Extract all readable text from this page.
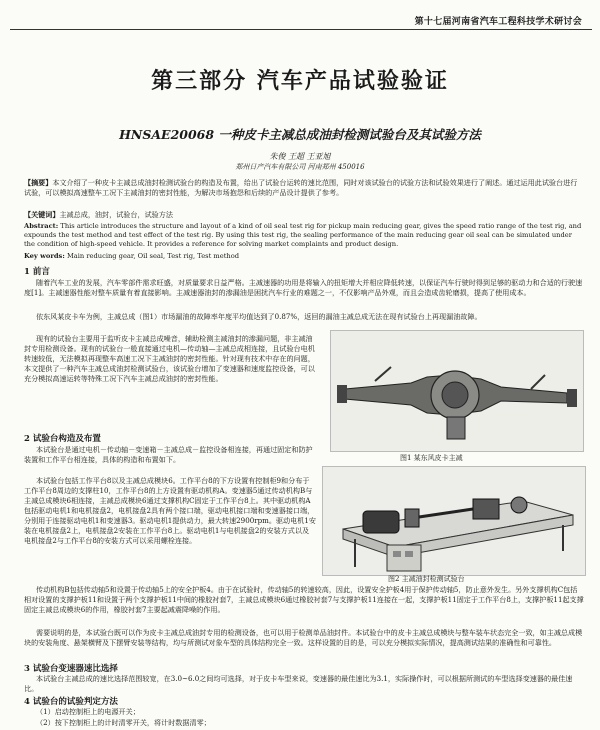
第十七届河南省汽车工程科技学术研讨会
第三部分 汽车产品试验验证
HNSAE20068 一种皮卡主减总成油封检测试验台及其试验方法
朱俊 王超 王亚旭
郑州日产汽车有限公司 河南郑州 450016
【摘要】本文介绍了一种皮卡主减总成油封检测试验台的构造及布置，给出了试验台运转的速比范围，同时对该试验台的试验方法和试验效果进行了阐述。通过运用此试验台进行试验，可以模拟高速整车工况下主减油封的密封性能，为解决市场抱怨和后续的产品设计提供了参考。
【关键词】主减总成，油封，试验台，试验方法
Abstract: This article introduces the structure and layout of a kind of oil seal test rig for pickup main reducing gear, gives the speed ratio range of the test rig, and expounds the test method and test effect of the test rig. By using this test rig, the sealing performance of the main reducing gear oil seal can be simulated under the condition of high-speed vehicle. It provides a reference for solving market complaints and product design.
Key words: Main reducing gear, Oil seal, Test rig, Test method
1 前言

随着汽车工业的发展，汽车零部件需求旺盛，对质量要求日益严格。主减速器的功用是将输入的扭矩增大并相应降低转速，以保证汽车行驶时得到足够的驱动力和合适的行驶速度[1]。主减速器性能对整车质量有着直接影响。主减速器油封的渗漏油是困扰汽车行业的难题之一，不仅影响产品外观，而且会造成齿轮磨损，提高了使用成本。

依东风某皮卡车为例，主减总成（图1）市场漏油的故障率年度平均值达到了0.87%，返回的漏油主减总成无法在现有试验台上再现漏油故障。

现有的试验台主要用于监听皮卡主减总成噪音，辅助检测主减油封的渗漏问题，非主减油封专用检测设备。现有的试验台一般直接通过电机—传动轴—主减总成相连接，且试验台电机转速较低，无法模拟再现整车高速工况下主减油封的密封性能。针对现有技术中存在的问题，本文提供了一种汽车主减总成油封检测试验台，该试验台增加了变速器和速度监控设备，可以充分模拟高速运转等特殊工况下汽车主减总成油封的密封性能。

2 试验台构造及布置

本试验台是通过电机－传动轴－变速箱－主减总成－监控设备相连接，再通过固定和防护装置和工作平台相连接，具体的构造和布置如下。

本试验台包括工作平台8以及主减总成模块6。工作平台8的下方设置有控制柜9和分布于工作平台8周边的支撑柱10，工作平台8的上方设置有驱动机构A。变速器5通过传动机构B与主减总成模块6相连接，主减总成模块6通过支撑机构C固定于工作平台8上。其中驱动机构A包括驱动电机1和电机接盘2，电机接盘2具有两个接口端，驱动电机接口端和变速器接口端，分别用于连接驱动电机1和变速器3。驱动电机1提供动力，最大转速2900rpm。驱动电机1安装在电机接盘2上，电机接盘2安装在工作平台8上。驱动电机1与电机接盘2的安装方式以及电机接盘2与工作平台8的安装方式可以采用螺栓连接。

传动机构B包括传动轴5和设置于传动轴5上的安全护板4。由于在试验时，传动轴5的转速较高，因此，设置安全护板4用于保护传动轴5，防止意外发生。另外支撑机构C包括相对设置的支撑护板11和设置于两个支撑护板11中间的橡胶衬套7，主减总成模块6通过橡胶衬套7与支撑护板11连接在一起，支撑护板11固定于工作平台8上，支撑护板11起支撑固定主减总成模块6的作用，橡胶衬套7主要起减震降噪的作用。

需要说明的是，本试验台既可以作为皮卡主减总成油封专用的检测设备，也可以用于检测单品油封件。本试验台中的皮卡主减总成模块与整车装车状态完全一致，如主减总成模块的安装角度、悬架横臂及下摆臂安装等结构，均与所测试对象车型的具体结构完全一致。这样设置的目的是，可以充分模拟实际情况，提高测试结果的准确性和可靠性。

3 试验台变速器速比选择

本试验台主减总成的速比选择范围较宽，在3.0~6.0之间均可选择，对于皮卡车型来说，变速器的最佳速比为3.1，实际操作时，可以根据所测试的车型选择变速器的最佳速比。

4 试验台的试验判定方法
（1）启动控制柜上的电源开关；
（2）按下控制柜上的计时清零开关，将计时数据清零；
图1 某东风皮卡主减
图2 主减油封检测试验台
